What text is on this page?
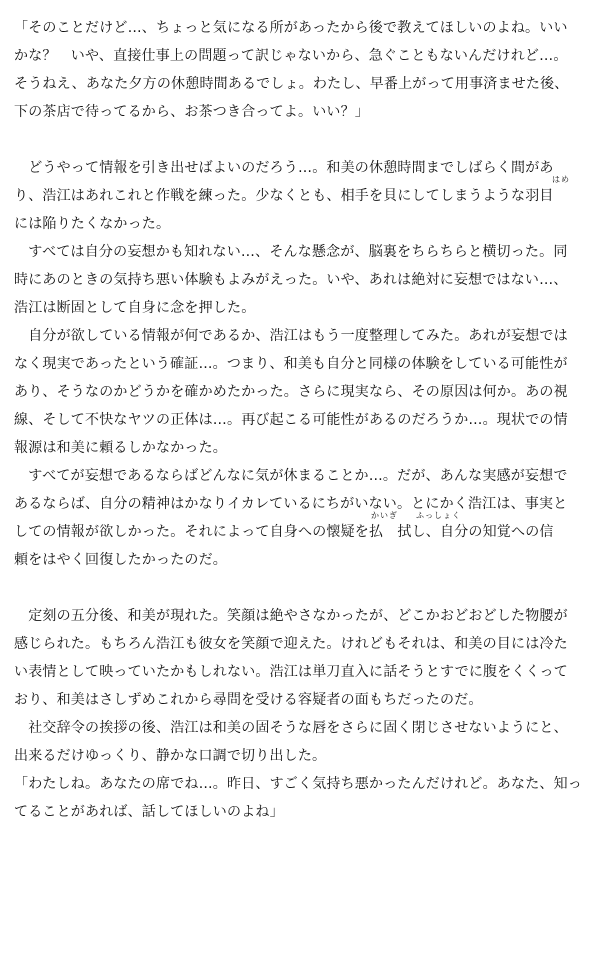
「そのことだけど…、ちょっと気になる所があったから後で教えてほしいのよね。いい
かな？　いや、直接仕事上の問題って訳じゃないから、急ぐこともないんだけれど…。
そうねえ、あなた夕方の休憩時間あるでしょ。わたし、早番上がって用事済ませた後、
下の茶店で待ってるから、お茶つき合ってよ。いい？」
　どうやって情報を引き出せばよいのだろう…。和美の休憩時間までしばらく間があ
り、浩江はあれこれと作戦を練った。少なくとも、相手を貝にしてしまうような羽目
はめ
には陥りたくなかった。
　すべては自分の妄想かも知れない…、そんな懸念が、脳裏をちらちらと横切った。同
時にあのときの気持ち悪い体験もよみがえった。いや、あれは絶対に妄想ではない…、
浩江は断固として自身に念を押した。
　自分が欲している情報が何であるか、浩江はもう一度整理してみた。あれが妄想では
なく現実であったという確証…。つまり、和美も自分と同様の体験をしている可能性が
あり、そうなのかどうかを確かめたかった。さらに現実なら、その原因は何か。あの視
線、そして不快なヤツの正体は…。再び起こる可能性があるのだろうか…。現状での情
報源は和美に頼るしかなかった。
　すべてが妄想であるならばどんなに気が休まることか…。だが、あんな実感が妄想で
あるならば、自分の精神はかなりイカレているにちがいない。とにかく浩江は、事実と
しての情報が欲しかった。それによって自身への懐疑を払　拭し、自分の知覚への信
かいぎ ふっしょく
頼をはやく回復したかったのだ。
　定刻の五分後、和美が現れた。笑顔は絶やさなかったが、どこかおどおどした物腰が
感じられた。もちろん浩江も彼女を笑顔で迎えた。けれどもそれは、和美の目には冷た
い表情として映っていたかもしれない。浩江は単刀直入に話そうとすでに腹をくくって
おり、和美はさしずめこれから尋問を受ける容疑者の面もちだったのだ。
　社交辞令の挨拶の後、浩江は和美の固そうな唇をさらに固く閉じさせないようにと、
出来るだけゆっくり、静かな口調で切り出した。
「わたしね。あなたの席でね…。昨日、すごく気持ち悪かったんだけれど。あなた、知っ
てることがあれば、話してほしいのよね」
